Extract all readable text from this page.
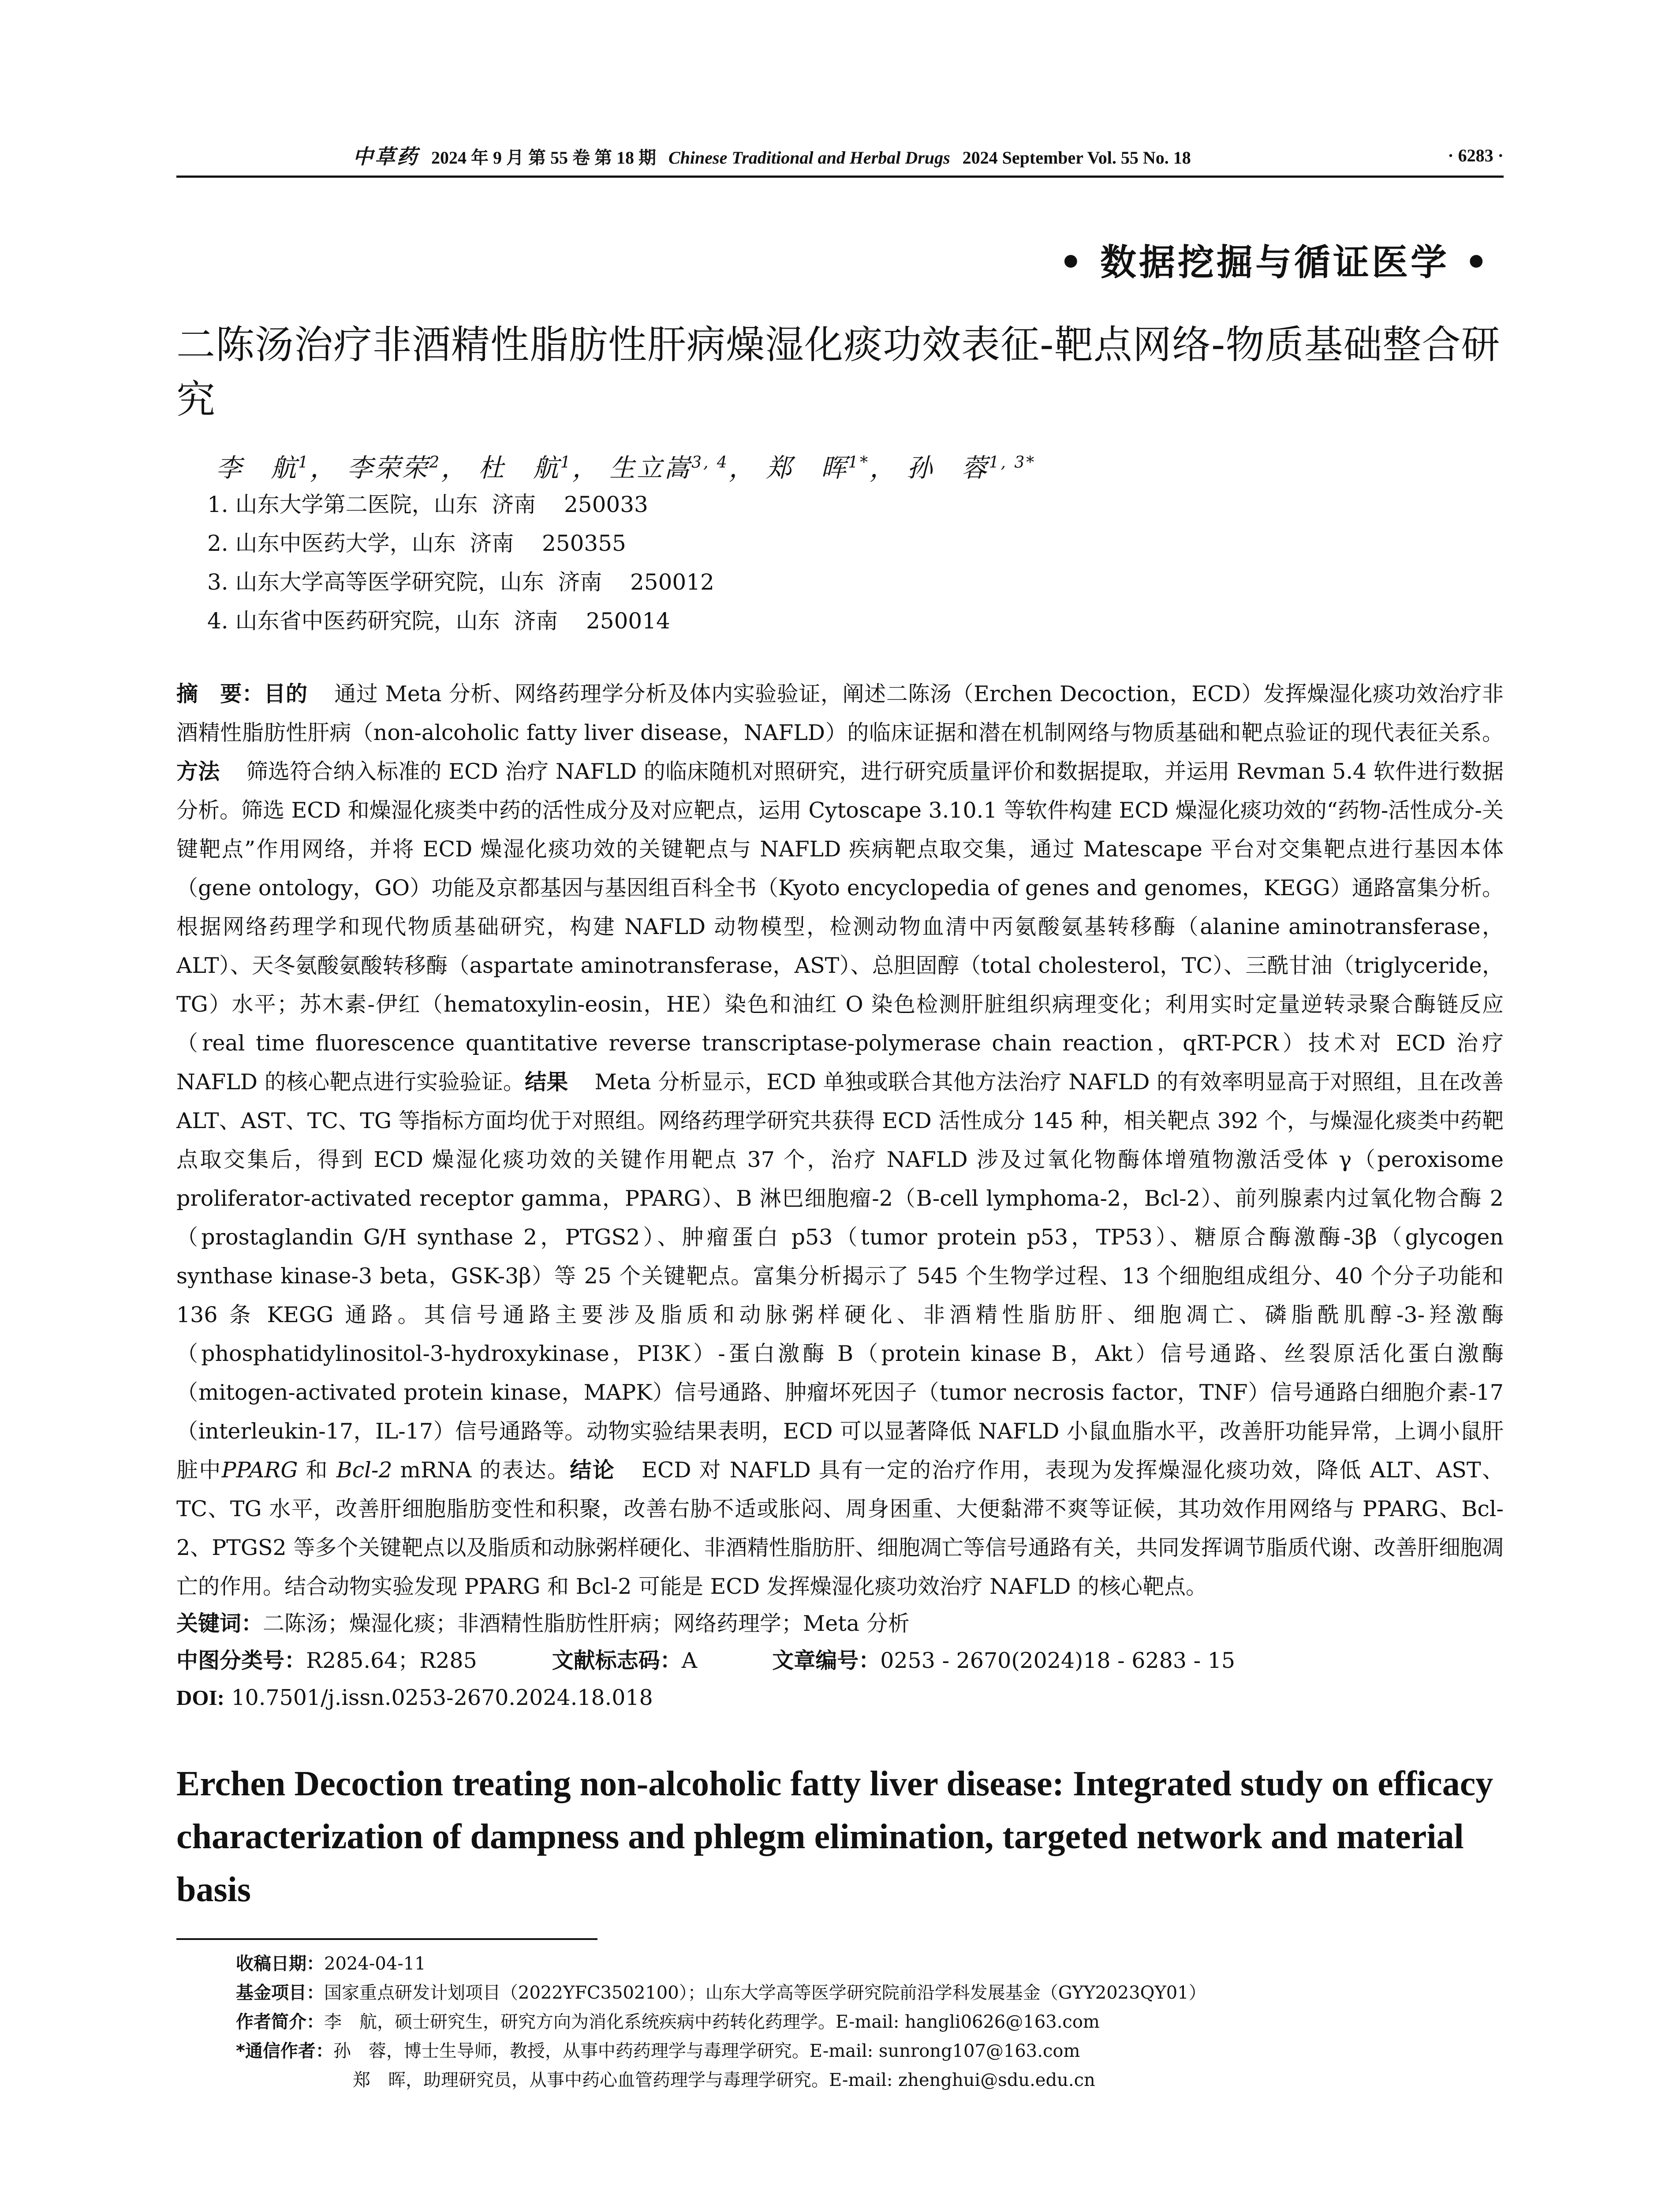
中草药 2024 年 9 月 第 55 卷 第 18 期 Chinese Traditional and Herbal Drugs 2024 September Vol. 55 No. 18	· 6283 ·
• 数据挖掘与循证医学 •
二陈汤治疗非酒精性脂肪性肝病燥湿化痰功效表征-靶点网络-物质基础整合研究
李　航$^1$， 李荣荣$^2$， 杜　航$^1$， 生立嵩$^{3, 4}$， 郑　晖$^{1*}$， 孙　蓉$^{1, 3*}$
1. 山东大学第二医院，山东  济南    250033
2. 山东中医药大学，山东  济南    250355
3. 山东大学高等医学研究院，山东  济南    250012
4. 山东省中医药研究院，山东  济南    250014

摘　要：目的 通过 Meta 分析、网络药理学分析及体内实验验证，阐述二陈汤（Erchen Decoction，ECD）发挥燥湿化痰功效治疗非酒精性脂肪性肝病（non-alcoholic fatty liver disease，NAFLD）的临床证据和潜在机制网络与物质基础和靶点验证的现代表征关系。方法 筛选符合纳入标准的 ECD 治疗 NAFLD 的临床随机对照研究，进行研究质量评价和数据提取，并运用 Revman 5.4 软件进行数据分析。筛选 ECD 和燥湿化痰类中药的活性成分及对应靶点，运用 Cytoscape 3.10.1 等软件构建 ECD 燥湿化痰功效的“药物-活性成分-关键靶点”作用网络，并将 ECD 燥湿化痰功效的关键靶点与 NAFLD 疾病靶点取交集，通过 Matescape 平台对交集靶点进行基因本体（gene ontology，GO）功能及京都基因与基因组百科全书（Kyoto encyclopedia of genes and genomes，KEGG）通路富集分析。根据网络药理学和现代物质基础研究，构建 NAFLD 动物模型，检测动物血清中丙氨酸氨基转移酶（alanine aminotransferase，ALT）、天冬氨酸氨酸转移酶（aspartate aminotransferase，AST）、总胆固醇（total cholesterol，TC）、三酰甘油（triglyceride，TG）水平；苏木素-伊红（hematoxylin-eosin，HE）染色和油红 O 染色检测肝脏组织病理变化；利用实时定量逆转录聚合酶链反应（real time fluorescence quantitative reverse transcriptase-polymerase chain reaction，qRT-PCR）技术对 ECD 治疗 NAFLD 的核心靶点进行实验验证。结果 Meta 分析显示，ECD 单独或联合其他方法治疗 NAFLD 的有效率明显高于对照组，且在改善 ALT、AST、TC、TG 等指标方面均优于对照组。网络药理学研究共获得 ECD 活性成分 145 种，相关靶点 392 个，与燥湿化痰类中药靶点取交集后，得到 ECD 燥湿化痰功效的关键作用靶点 37 个，治疗 NAFLD 涉及过氧化物酶体增殖物激活受体 γ（peroxisome proliferator-activated receptor gamma，PPARG）、B 淋巴细胞瘤-2（B-cell lymphoma-2，Bcl-2）、前列腺素内过氧化物合酶 2（prostaglandin G/H synthase 2，PTGS2）、肿瘤蛋白 p53（tumor protein p53，TP53）、糖原合酶激酶-3β（glycogen synthase kinase-3 beta，GSK-3β）等 25 个关键靶点。富集分析揭示了 545 个生物学过程、13 个细胞组成组分、40 个分子功能和 136 条 KEGG 通路。其信号通路主要涉及脂质和动脉粥样硬化、非酒精性脂肪肝、细胞凋亡、磷脂酰肌醇-3-羟激酶（phosphatidylinositol-3-hydroxykinase，PI3K）-蛋白激酶 B（protein kinase B，Akt）信号通路、丝裂原活化蛋白激酶（mitogen-activated protein kinase，MAPK）信号通路、肿瘤坏死因子（tumor necrosis factor，TNF）信号通路白细胞介素-17（interleukin-17，IL-17）信号通路等。动物实验结果表明，ECD 可以显著降低 NAFLD 小鼠血脂水平，改善肝功能异常，上调小鼠肝脏中PPARG 和 Bcl-2 mRNA 的表达。结论 ECD 对 NAFLD 具有一定的治疗作用，表现为发挥燥湿化痰功效，降低 ALT、AST、TC、TG 水平，改善肝细胞脂肪变性和积聚，改善右胁不适或胀闷、周身困重、大便黏滞不爽等证候，其功效作用网络与 PPARG、Bcl-2、PTGS2 等多个关键靶点以及脂质和动脉粥样硬化、非酒精性脂肪肝、细胞凋亡等信号通路有关，共同发挥调节脂质代谢、改善肝细胞凋亡的作用。结合动物实验发现 PPARG 和 Bcl-2 可能是 ECD 发挥燥湿化痰功效治疗 NAFLD 的核心靶点。

关键词：二陈汤；燥湿化痰；非酒精性脂肪性肝病；网络药理学；Meta 分析
中图分类号：R285.64；R285	文献标志码：A	文章编号：0253 - 2670(2024)18 - 6283 - 15
DOI: 10.7501/j.issn.0253-2670.2024.18.018
Erchen Decoction treating non-alcoholic fatty liver disease: Integrated study on efficacy characterization of dampness and phlegm elimination, targeted network and material basis
收稿日期： 2024-04-11
基金项目： 国家重点研发计划项目（2022YFC3502100）；山东大学高等医学研究院前沿学科发展基金（GYY2023QY01）
作者简介： 李　航，硕士研究生，研究方向为消化系统疾病中药转化药理学。E-mail: hangli0626@163.com
*通信作者： 孙　蓉，博士生导师，教授，从事中药药理学与毒理学研究。E-mail: sunrong107@163.com
郑　晖，助理研究员，从事中药心血管药理学与毒理学研究。E-mail: zhenghui@sdu.edu.cn
